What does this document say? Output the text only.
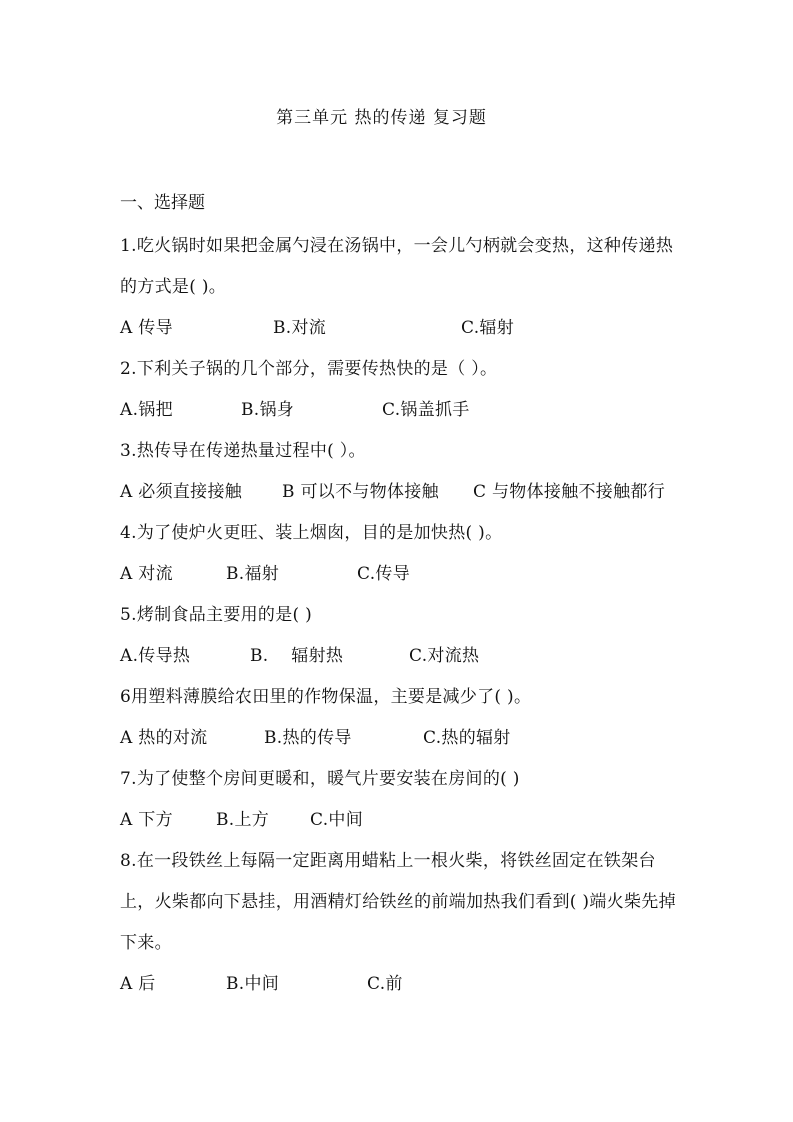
第三单元 热的传递 复习题
一、选择题

1.吃火锅时如果把金属勺浸在汤锅中，一会儿勺柄就会变热，这种传递热的方式是( )。

A 传导	B.对流	C.辐射

2.下利关子锅的几个部分，需要传热快的是（ ）。

A.锅把	B.锅身	C.锅盖抓手

3.热传导在传递热量过程中( ）。

A 必须直接接触 B 可以不与物体接触 C 与物体接触不接触都行

4.为了使炉火更旺、装上烟囱，目的是加快热( )。

A 对流	B.福射	C.传导

5.烤制食品主要用的是( )

A.传导热	B.    辐射热	C.对流热

6用塑料薄膜给农田里的作物保温，主要是减少了( )。

A 热的对流	B.热的传导	C.热的辐射

7.为了使整个房间更暖和，暖气片要安装在房间的( )

A 下方	B.上方 C.中间

8.在一段铁丝上每隔一定距离用蜡粘上一根火柴，将铁丝固定在铁架台上，火柴都向下悬挂，用酒精灯给铁丝的前端加热我们看到( )端火柴先掉下来。

A 后	B.中间	C.前
